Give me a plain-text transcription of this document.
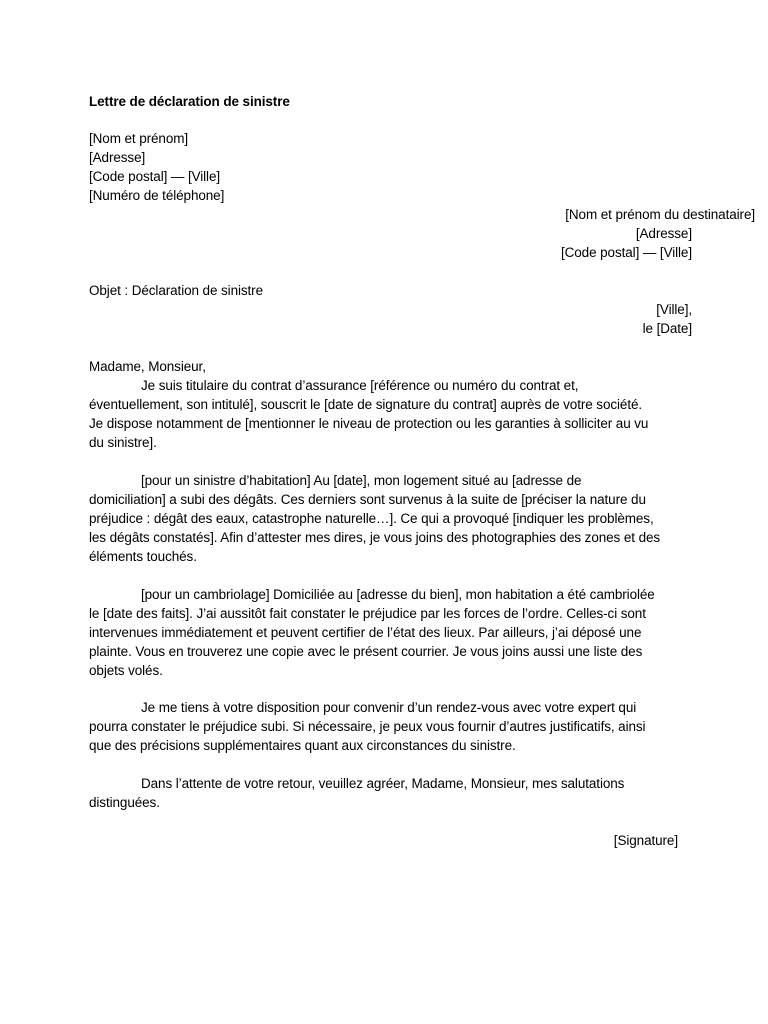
Lettre de déclaration de sinistre
[Nom et prénom]
[Adresse]
[Code postal] — [Ville]
[Numéro de téléphone]
[Nom et prénom du destinataire]
[Adresse]
[Code postal] — [Ville]
Objet : Déclaration de sinistre
[Ville],
le [Date]
Madame, Monsieur,
Je suis titulaire du contrat d’assurance [référence ou numéro du contrat et,
éventuellement, son intitulé], souscrit le [date de signature du contrat] auprès de votre société.
Je dispose notamment de [mentionner le niveau de protection ou les garanties à solliciter au vu
du sinistre].
[pour un sinistre d’habitation] Au [date], mon logement situé au [adresse de
domiciliation] a subi des dégâts. Ces derniers sont survenus à la suite de [préciser la nature du
préjudice : dégât des eaux, catastrophe naturelle…]. Ce qui a provoqué [indiquer les problèmes,
les dégâts constatés]. Afin d’attester mes dires, je vous joins des photographies des zones et des
éléments touchés.
[pour un cambriolage] Domiciliée au [adresse du bien], mon habitation a été cambriolée
le [date des faits]. J’ai aussitôt fait constater le préjudice par les forces de l’ordre. Celles-ci sont
intervenues immédiatement et peuvent certifier de l’état des lieux. Par ailleurs, j’ai déposé une
plainte. Vous en trouverez une copie avec le présent courrier. Je vous joins aussi une liste des
objets volés.
Je me tiens à votre disposition pour convenir d’un rendez-vous avec votre expert qui
pourra constater le préjudice subi. Si nécessaire, je peux vous fournir d’autres justificatifs, ainsi
que des précisions supplémentaires quant aux circonstances du sinistre.
Dans l’attente de votre retour, veuillez agréer, Madame, Monsieur, mes salutations
distinguées.
[Signature]
